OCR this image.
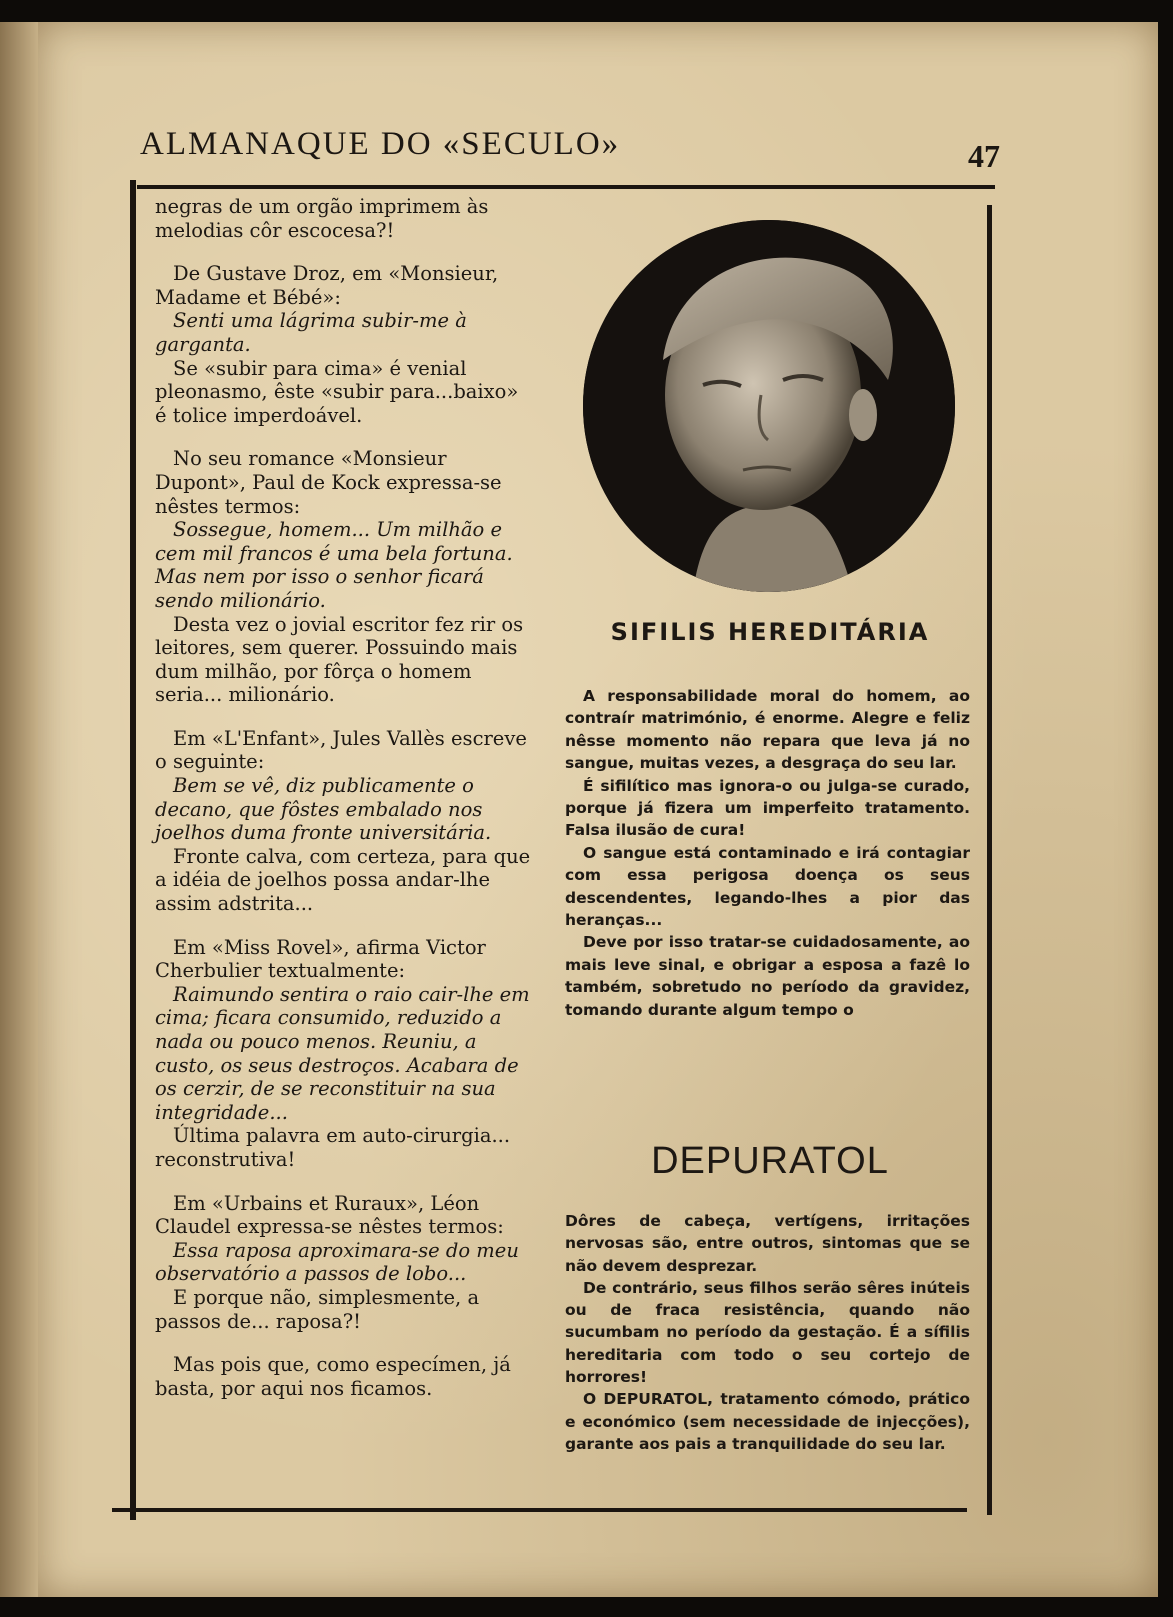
ALMANAQUE DO «SECULO»	47

negras de um orgão imprimem às melodias côr escocesa?!

De Gustave Droz, em «Monsieur, Madame et Bébé»:

Senti uma lágrima subir-me à garganta.

Se «subir para cima» é venial pleonasmo, êste «subir para...baixo» é tolice imperdoável.

No seu romance «Monsieur Dupont», Paul de Kock expressa-se nêstes termos:

Sossegue, homem... Um milhão e cem mil francos é uma bela fortuna. Mas nem por isso o senhor ficará sendo milionário.

Desta vez o jovial escritor fez rir os leitores, sem querer. Possuindo mais dum milhão, por fôrça o homem seria... milionário.

Em «L'Enfant», Jules Vallès escreve o seguinte:

Bem se vê, diz publicamente o decano, que fôstes embalado nos joelhos duma fronte universitária.

Fronte calva, com certeza, para que a idéia de joelhos possa andar-lhe assim adstrita...

Em «Miss Rovel», afirma Victor Cherbulier textualmente:

Raimundo sentira o raio cair-lhe em cima; ficara consumido, reduzido a nada ou pouco menos. Reuniu, a custo, os seus destroços. Acabara de os cerzir, de se reconstituir na sua integridade...

Última palavra em auto-cirurgia... reconstrutiva!

Em «Urbains et Ruraux», Léon Claudel expressa-se nêstes termos:

Essa raposa aproximara-se do meu observatório a passos de lobo...

E porque não, simplesmente, a passos de... raposa?!

Mas pois que, como especímen, já basta, por aqui nos ficamos.

SIFILIS HEREDITÁRIA

A responsabilidade moral do homem, ao contraír matrimónio, é enorme. Alegre e feliz nêsse momento não repara que leva já no sangue, muitas vezes, a desgraça do seu lar.

É sifilítico mas ignora-o ou julga-se curado, porque já fizera um imperfeito tratamento. Falsa ilusão de cura!

O sangue está contaminado e irá contagiar com essa perigosa doença os seus descendentes, legando-lhes a pior das heranças...

Deve por isso tratar-se cuidadosamente, ao mais leve sinal, e obrigar a esposa a fazê lo também, sobretudo no período da gravidez, tomando durante algum tempo o

DEPURATOL

Dôres de cabeça, vertígens, irritações nervosas são, entre outros, sintomas que se não devem desprezar.

De contrário, seus filhos serão sêres inúteis ou de fraca resistência, quando não sucumbam no período da gestação. É a sífilis hereditaria com todo o seu cortejo de horrores!

O DEPURATOL, tratamento cómodo, prático e económico (sem necessidade de injecções), garante aos pais a tranquilidade do seu lar.
